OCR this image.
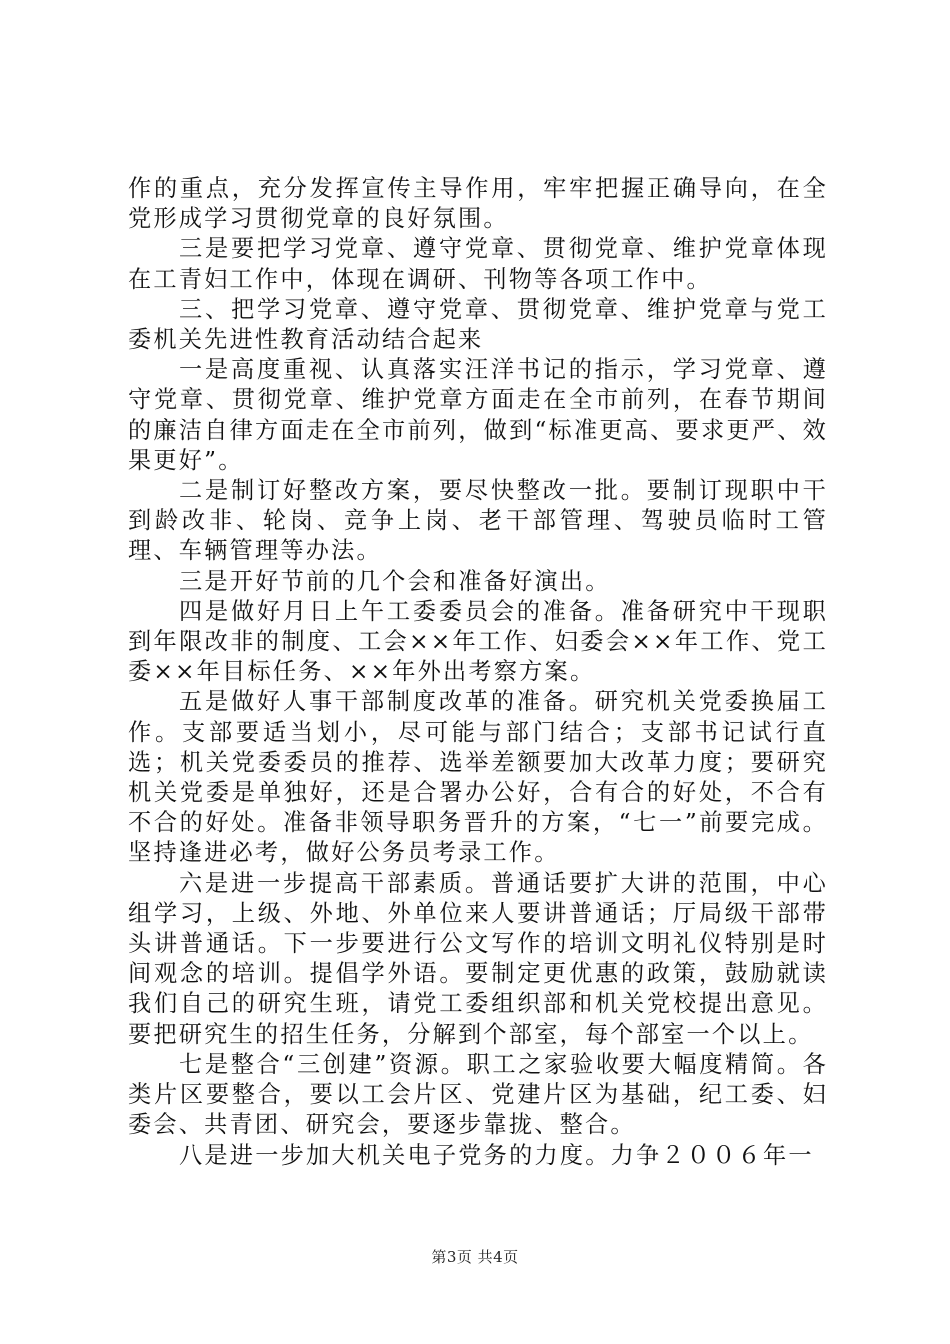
作的重点，充分发挥宣传主导作用，牢牢把握正确导向，在全党形成学习贯彻党章的良好氛围。

三是要把学习党章、遵守党章、贯彻党章、维护党章体现在工青妇工作中，体现在调研、刊物等各项工作中。

三、把学习党章、遵守党章、贯彻党章、维护党章与党工委机关先进性教育活动结合起来

一是高度重视、认真落实汪洋书记的指示，学习党章、遵守党章、贯彻党章、维护党章方面走在全市前列，在春节期间的廉洁自律方面走在全市前列，做到“标准更高、要求更严、效果更好”。

二是制订好整改方案，要尽快整改一批。要制订现职中干到龄改非、轮岗、竞争上岗、老干部管理、驾驶员临时工管理、车辆管理等办法。

三是开好节前的几个会和准备好演出。

四是做好月日上午工委委员会的准备。准备研究中干现职到年限改非的制度、工会××年工作、妇委会××年工作、党工委××年目标任务、××年外出考察方案。

五是做好人事干部制度改革的准备。研究机关党委换届工作。支部要适当划小，尽可能与部门结合；支部书记试行直选；机关党委委员的推荐、选举差额要加大改革力度；要研究机关党委是单独好，还是合署办公好，合有合的好处，不合有不合的好处。准备非领导职务晋升的方案，“七一”前要完成。坚持逢进必考，做好公务员考录工作。

六是进一步提高干部素质。普通话要扩大讲的范围，中心组学习，上级、外地、外单位来人要讲普通话；厅局级干部带头讲普通话。下一步要进行公文写作的培训文明礼仪特别是时间观念的培训。提倡学外语。要制定更优惠的政策，鼓励就读我们自己的研究生班，请党工委组织部和机关党校提出意见。要把研究生的招生任务，分解到个部室，每个部室一个以上。

七是整合“三创建”资源。职工之家验收要大幅度精简。各类片区要整合，要以工会片区、党建片区为基础，纪工委、妇委会、共青团、研究会，要逐步靠拢、整合。

八是进一步加大机关电子党务的力度。力争２００６年一

第3页 共4页
